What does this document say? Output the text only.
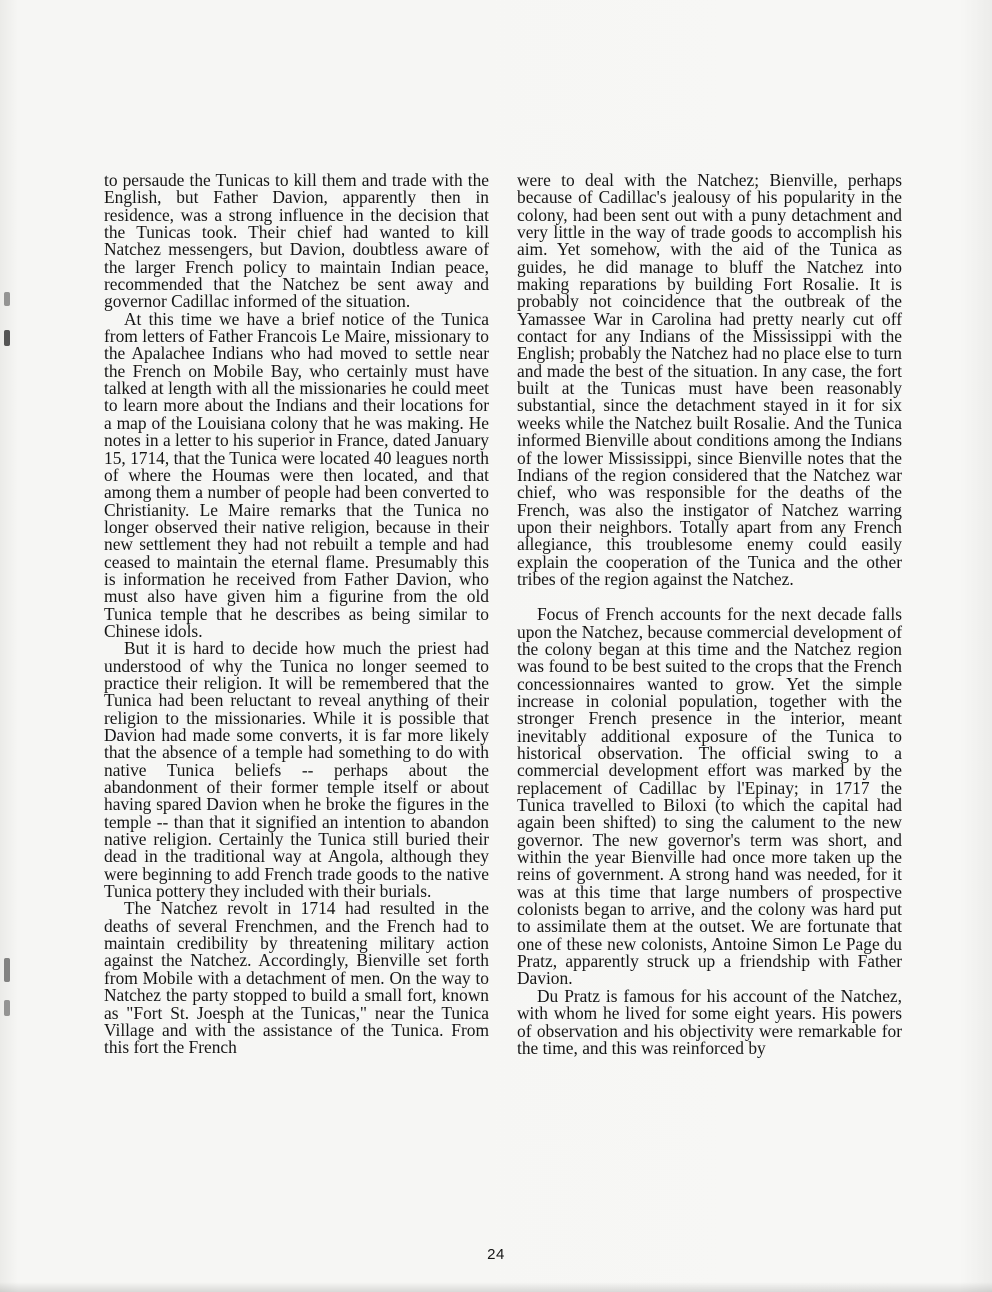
to persaude the Tunicas to kill them and trade with the English, but Father Davion, apparently then in residence, was a strong influence in the decision that the Tunicas took. Their chief had wanted to kill Natchez messengers, but Davion, doubtless aware of the larger French policy to maintain Indian peace, recommended that the Natchez be sent away and governor Cadillac informed of the situation.

At this time we have a brief notice of the Tunica from letters of Father Francois Le Maire, missionary to the Apalachee Indians who had moved to settle near the French on Mobile Bay, who certainly must have talked at length with all the missionaries he could meet to learn more about the Indians and their locations for a map of the Louisiana colony that he was making. He notes in a letter to his superior in France, dated January 15, 1714, that the Tunica were located 40 leagues north of where the Houmas were then located, and that among them a number of people had been converted to Christianity. Le Maire remarks that the Tunica no longer observed their native religion, because in their new settlement they had not rebuilt a temple and had ceased to maintain the eternal flame. Presumably this is information he received from Father Davion, who must also have given him a figurine from the old Tunica temple that he describes as being similar to Chinese idols.

But it is hard to decide how much the priest had understood of why the Tunica no longer seemed to practice their religion. It will be remembered that the Tunica had been reluctant to reveal anything of their religion to the missionaries. While it is possible that Davion had made some converts, it is far more likely that the absence of a temple had something to do with native Tunica beliefs -- perhaps about the abandonment of their former temple itself or about having spared Davion when he broke the figures in the temple -- than that it signified an intention to abandon native religion. Certainly the Tunica still buried their dead in the traditional way at Angola, although they were beginning to add French trade goods to the native Tunica pottery they included with their burials.

The Natchez revolt in 1714 had resulted in the deaths of several Frenchmen, and the French had to maintain credibility by threatening military action against the Natchez. Accordingly, Bienville set forth from Mobile with a detachment of men. On the way to Natchez the party stopped to build a small fort, known as "Fort St. Joesph at the Tunicas," near the Tunica Village and with the assistance of the Tunica. From this fort the French

were to deal with the Natchez; Bienville, perhaps because of Cadillac's jealousy of his popularity in the colony, had been sent out with a puny detachment and very little in the way of trade goods to accomplish his aim. Yet somehow, with the aid of the Tunica as guides, he did manage to bluff the Natchez into making reparations by building Fort Rosalie. It is probably not coincidence that the outbreak of the Yamassee War in Carolina had pretty nearly cut off contact for any Indians of the Mississippi with the English; probably the Natchez had no place else to turn and made the best of the situation. In any case, the fort built at the Tunicas must have been reasonably substantial, since the detachment stayed in it for six weeks while the Natchez built Rosalie. And the Tunica informed Bienville about conditions among the Indians of the lower Mississippi, since Bienville notes that the Indians of the region considered that the Natchez war chief, who was responsible for the deaths of the French, was also the instigator of Natchez warring upon their neighbors. Totally apart from any French allegiance, this troublesome enemy could easily explain the cooperation of the Tunica and the other tribes of the region against the Natchez.

Focus of French accounts for the next decade falls upon the Natchez, because commercial development of the colony began at this time and the Natchez region was found to be best suited to the crops that the French concessionnaires wanted to grow. Yet the simple increase in colonial population, together with the stronger French presence in the interior, meant inevitably additional exposure of the Tunica to historical observation. The official swing to a commercial development effort was marked by the replacement of Cadillac by l'Epinay; in 1717 the Tunica travelled to Biloxi (to which the capital had again been shifted) to sing the calument to the new governor. The new governor's term was short, and within the year Bienville had once more taken up the reins of government. A strong hand was needed, for it was at this time that large numbers of prospective colonists began to arrive, and the colony was hard put to assimilate them at the outset. We are fortunate that one of these new colonists, Antoine Simon Le Page du Pratz, apparently struck up a friendship with Father Davion.

Du Pratz is famous for his account of the Natchez, with whom he lived for some eight years. His powers of observation and his objectivity were remarkable for the time, and this was reinforced by

24
